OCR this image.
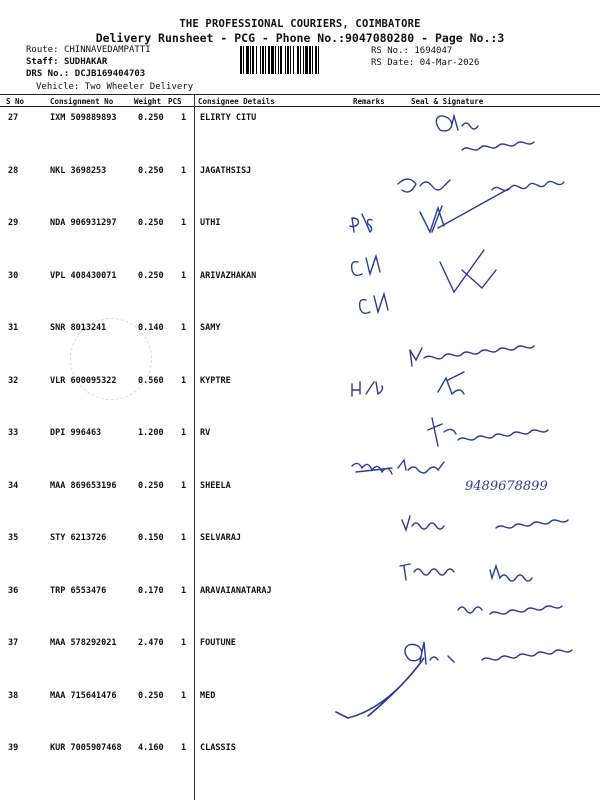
THE PROFESSIONAL COURIERS, COIMBATORE
Delivery Runsheet - PCG - Phone No.:9047080280 - Page No.:3
Route: CHINNAVEDAMPATTI
Staff: SUDHAKAR
DRS No.: DCJB169404703
Vehicle: Two Wheeler Delivery
RS No.: 1694047
RS Date: 04-Mar-2026
S No	Consignment No	Weight PCS Consignee Details	Remarks	Seal & Signature
27	IXM 509889893	0.250 1 ELIRTY CITU
28	NKL 3698253	0.250 1 JAGATHSISJ
29	NDA 906931297	0.250 1 UTHI
30	VPL 408430071	0.250 1 ARIVAZHAKAN
31	SNR 8013241	0.140 1 SAMY
32	VLR 600095322	0.560 1 KYPTRE
33	DPI 996463	1.200 1 RV
34	MAA 869653196	0.250 1 SHEELA
35	STY 6213726	0.150 1 SELVARAJ
36	TRP 6553476	0.170 1 ARAVAIANATARAJ
37	MAA 578292021	2.470 1 FOUTUNE
38	MAA 715641476	0.250 1 MED
39	KUR 7005907468 4.160 1 CLASSIS
9489678899
